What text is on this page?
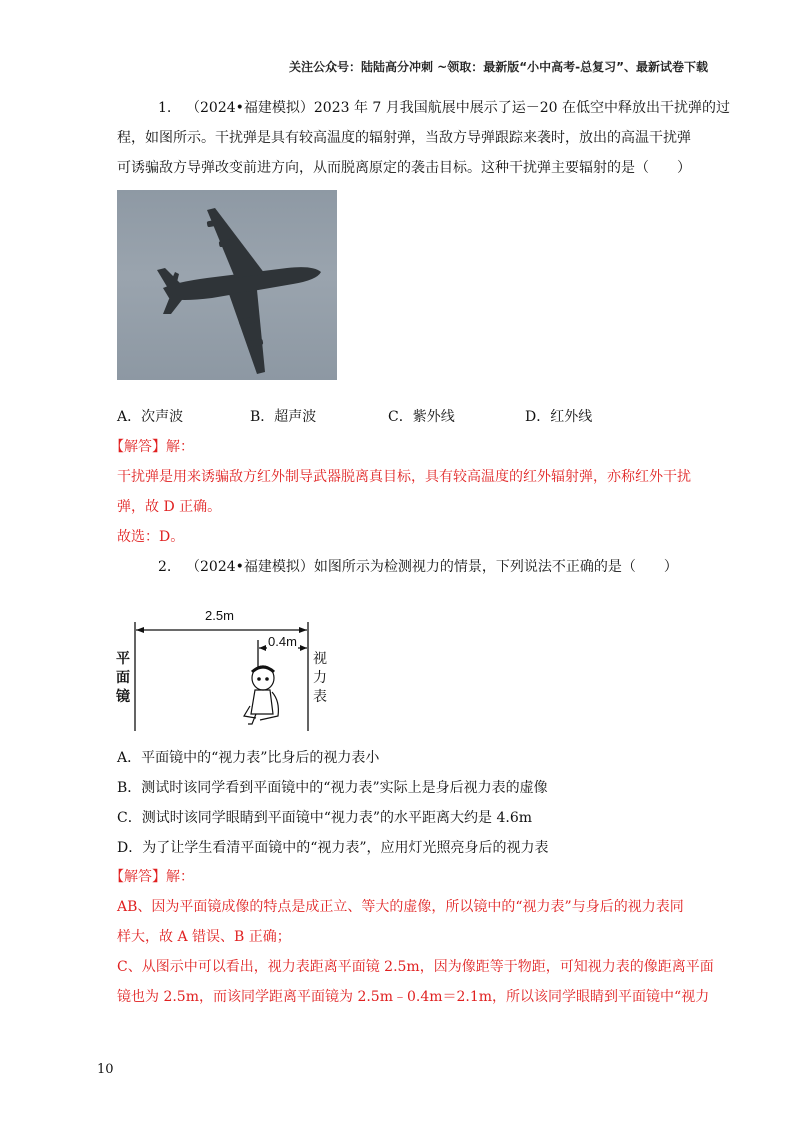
关注公众号：陆陆高分冲刺 ~领取：最新版“小中高考-总复习”、最新试卷下载
1. （2024•福建模拟）2023 年 7 月我国航展中展示了运－20 在低空中释放出干扰弹的过
程，如图所示。干扰弹是具有较高温度的辐射弹，当敌方导弹跟踪来袭时，放出的高温干扰弹
可诱骗敌方导弹改变前进方向，从而脱离原定的袭击目标。这种干扰弹主要辐射的是（　　）
A．次声波	B．超声波	C．紫外线	D．红外线
【解答】解：
干扰弹是用来诱骗敌方红外制导武器脱离真目标，具有较高温度的红外辐射弹，亦称红外干扰
弹，故 D 正确。
故选：D。
2. （2024•福建模拟）如图所示为检测视力的情景，下列说法不正确的是（　　）
2.5m
0.4m
平面镜
视力表
A．平面镜中的“视力表”比身后的视力表小
B．测试时该同学看到平面镜中的“视力表”实际上是身后视力表的虚像
C．测试时该同学眼睛到平面镜中“视力表”的水平距离大约是 4.6m
D．为了让学生看清平面镜中的“视力表”，应用灯光照亮身后的视力表
【解答】解：
AB、因为平面镜成像的特点是成正立、等大的虚像，所以镜中的“视力表”与身后的视力表同
样大，故 A 错误、B 正确；
C、从图示中可以看出，视力表距离平面镜 2.5m，因为像距等于物距，可知视力表的像距离平面
镜也为 2.5m，而该同学距离平面镜为 2.5m﹣0.4m＝2.1m，所以该同学眼睛到平面镜中“视力
10
